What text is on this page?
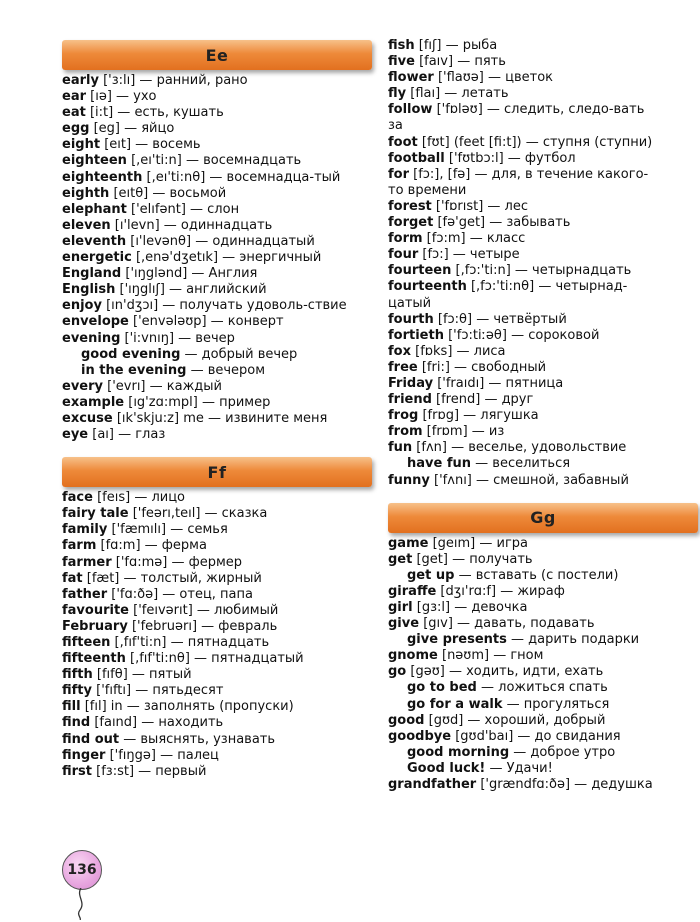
Ee
early ['ɜ:lı] — ранний, рано
ear [ıə] — ухо
eat [i:t] — есть, кушать
egg [eg] — яйцо
eight [eıt] — восемь
eighteen [,eı'ti:n] — восемнадцать
eighteenth [,eı'ti:nθ] — восемнадца-тый
eighth [eıtθ] — восьмой
elephant ['elıfənt] — слон
eleven [ı'levn] — одиннадцать
eleventh [ı'levənθ] — одиннадцатый
energetic [,enə'dʒetık] — энергичный
England ['ıŋglənd] — Англия
English ['ıŋglıʃ] — английский
enjoy [ın'dʒɔı] — получать удоволь-ствие
envelope ['envələʊp] — конверт
evening ['i:vnıŋ] — вечер
good evening — добрый вечер
in the evening — вечером
every ['evrı] — каждый
example [ıg'zɑ:mpl] — пример
excuse [ık'skju:z] me — извините меня
eye [aı] — глаз
Ff
face [feıs] — лицо
fairy tale ['feərı,teıl] — сказка
family ['fæmılı] — семья
farm [fɑ:m] — ферма
farmer ['fɑ:mə] — фермер
fat [fæt] — толстый, жирный
father ['fɑ:ðə] — отец, папа
favourite ['feıvərıt] — любимый
February ['februərı] — февраль
fifteen [,fıf'ti:n] — пятнадцать
fifteenth [,fıf'ti:nθ] — пятнадцатый
fifth [fıfθ] — пятый
fifty ['fıftı] — пятьдесят
fill [fıl] in — заполнять (пропуски)
find [faınd] — находить
find out — выяснять, узнавать
finger ['fıŋgə] — палец
first [fɜ:st] — первый
fish [fıʃ] — рыба
five [faıv] — пять
flower ['flaʊə] — цветок
fly [flaı] — летать
follow ['fɒləʊ] — следить, следо-вать за
foot [fʊt] (feet [fi:t]) — ступня (ступни)
football ['fʊtbɔ:l] — футбол
for [fɔ:], [fə] — для, в течение какого-то времени
forest ['fɒrıst] — лес
forget [fə'get] — забывать
form [fɔ:m] — класс
four [fɔ:] — четыре
fourteen [,fɔ:'ti:n] — четырнадцать
fourteenth [,fɔ:'ti:nθ] — четырнад-цатый
fourth [fɔ:θ] — четвёртый
fortieth ['fɔ:tiːəθ] — сороковой
fox [fɒks] — лиса
free [fri:] — свободный
Friday ['fraıdı] — пятница
friend [frend] — друг
frog [frɒg] — лягушка
from [frɒm] — из
fun [fʌn] — веселье, удовольствие
have fun — веселиться
funny ['fʌnı] — смешной, забавный
Gg
game [geım] — игра
get [get] — получать
get up — вставать (с постели)
giraffe [dʒı'rɑ:f] — жираф
girl [gɜ:l] — девочка
give [gıv] — давать, подавать
give presents — дарить подарки
gnome [nəʊm] — гном
go [gəʊ] — ходить, идти, ехать
go to bed — ложиться спать
go for a walk — прогуляться
good [gʊd] — хороший, добрый
goodbye [gʊd'baı] — до свидания
good morning — доброе утро
Good luck! — Удачи!
grandfather ['grændfɑ:ðə] — дедушка
136
